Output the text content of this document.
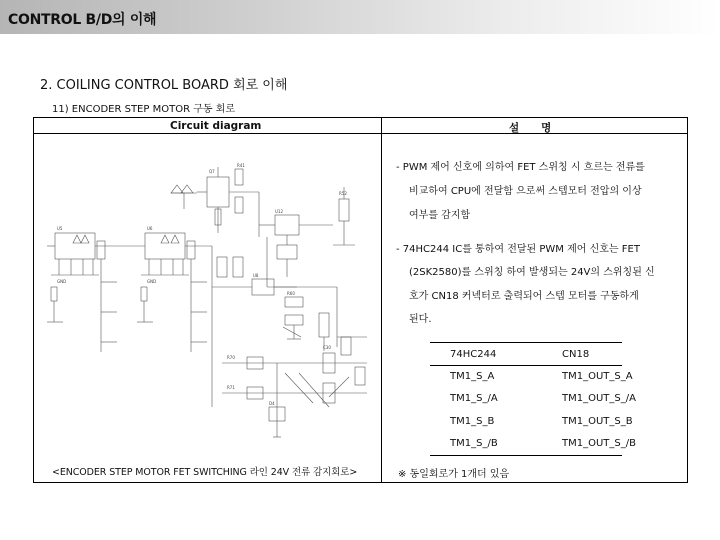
CONTROL B/D의 이해
2. COILING CONTROL BOARD 회로 이해
11) ENCODER STEP MOTOR 구동 회로
Circuit diagram	설명
U5	U6
GND	GND
Q7
R41
U12
R52
U8
R60
R70
R71
D4
C30
<ENCODER STEP MOTOR FET SWITCHING 라인 24V 전류 감지회로>
- PWM 제어 신호에 의하여 FET 스위칭 시 흐르는 전류를
비교하여 CPU에 전달함 으로써 스텝모터 전압의 이상
여부를 감지함
- 74HC244 IC를 통하여 전달된 PWM 제어 신호는 FET
(2SK2580)를 스위칭 하여 발생되는 24V의 스위칭된 신
호가 CN18 커넥터로 출력되어 스텝 모터를 구동하게
된다.
74HC244	CN18
TM1_S_A	TM1_OUT_S_A
TM1_S_/A	TM1_OUT_S_/A
TM1_S_B	TM1_OUT_S_B
TM1_S_/B	TM1_OUT_S_/B
※ 동일회로가 1개더 있음
